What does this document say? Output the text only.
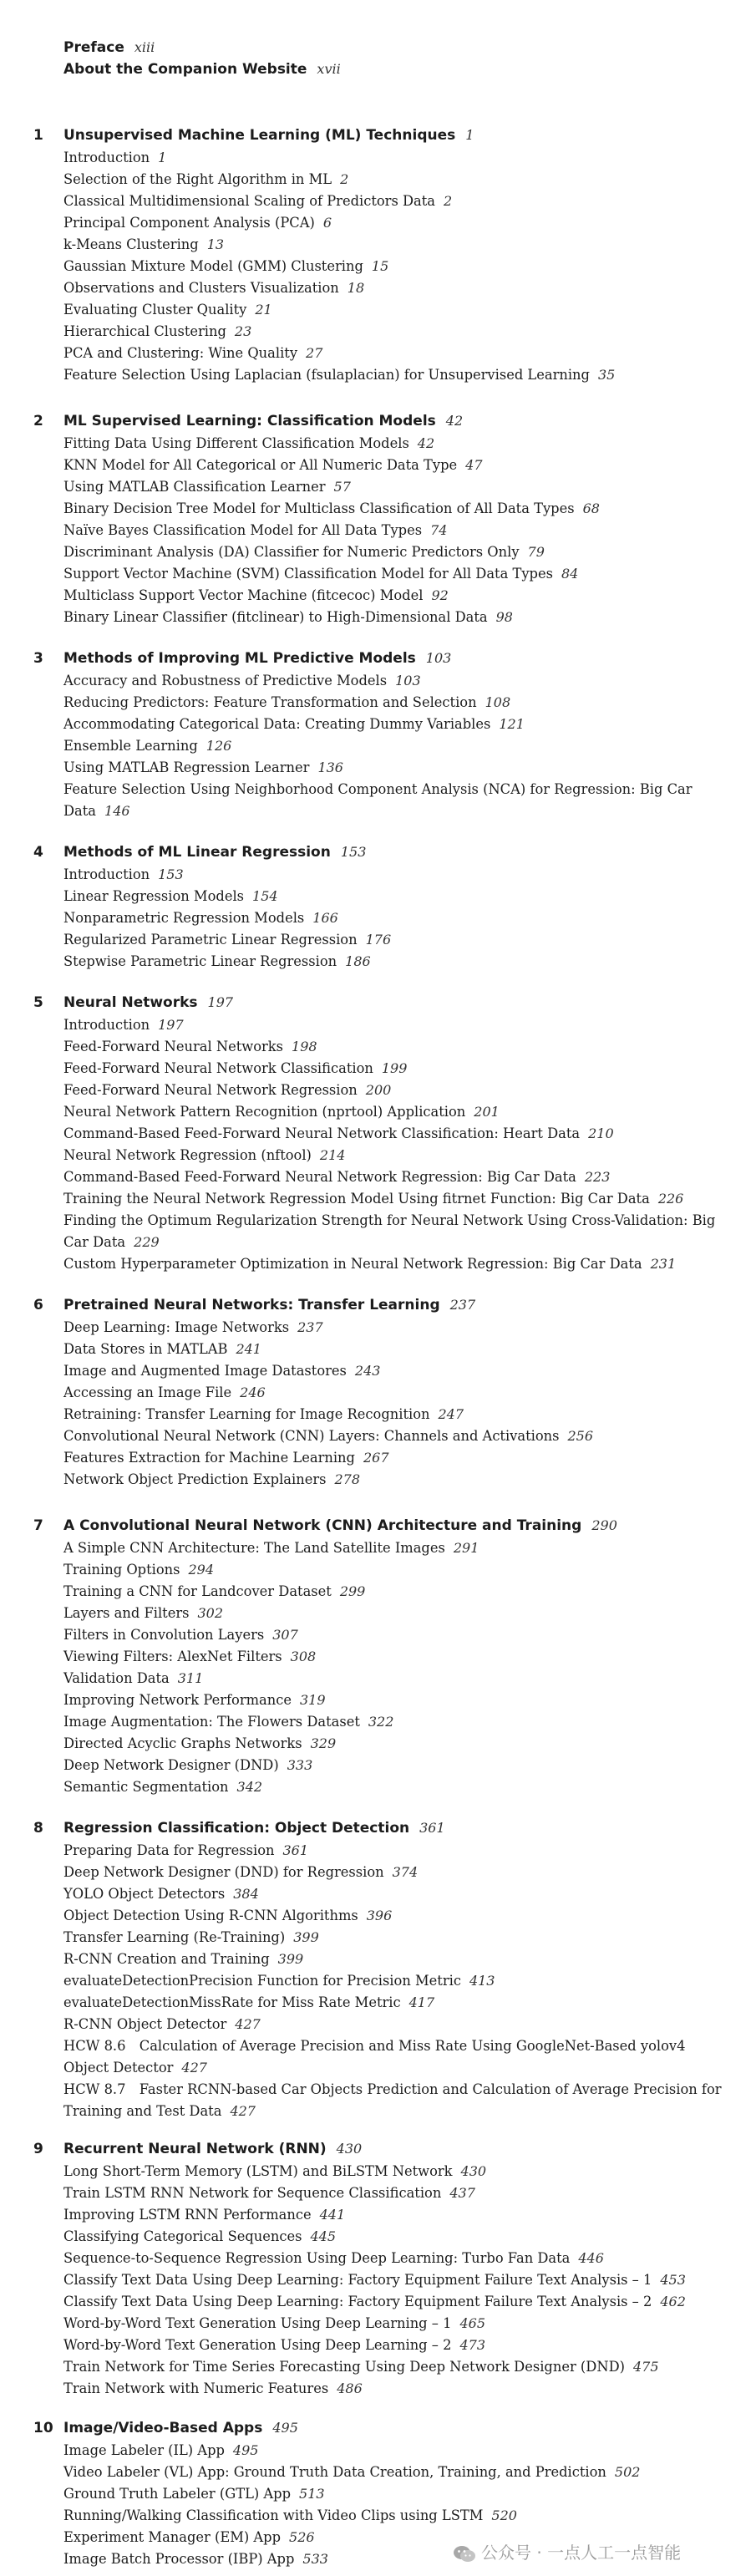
Preface xiii
About the Companion Website xvii
1 Unsupervised Machine Learning (ML) Techniques 1
Introduction 1
Selection of the Right Algorithm in ML 2
Classical Multidimensional Scaling of Predictors Data 2
Principal Component Analysis (PCA) 6
k-Means Clustering 13
Gaussian Mixture Model (GMM) Clustering 15
Observations and Clusters Visualization 18
Evaluating Cluster Quality 21
Hierarchical Clustering 23
PCA and Clustering: Wine Quality 27
Feature Selection Using Laplacian (fsulaplacian) for Unsupervised Learning 35
2 ML Supervised Learning: Classification Models 42
Fitting Data Using Different Classification Models 42
KNN Model for All Categorical or All Numeric Data Type 47
Using MATLAB Classification Learner 57
Binary Decision Tree Model for Multiclass Classification of All Data Types 68
Naïve Bayes Classification Model for All Data Types 74
Discriminant Analysis (DA) Classifier for Numeric Predictors Only 79
Support Vector Machine (SVM) Classification Model for All Data Types 84
Multiclass Support Vector Machine (fitcecoc) Model 92
Binary Linear Classifier (fitclinear) to High-Dimensional Data 98
3 Methods of Improving ML Predictive Models 103
Accuracy and Robustness of Predictive Models 103
Reducing Predictors: Feature Transformation and Selection 108
Accommodating Categorical Data: Creating Dummy Variables 121
Ensemble Learning 126
Using MATLAB Regression Learner 136
Feature Selection Using Neighborhood Component Analysis (NCA) for Regression: Big Car Data 146
4 Methods of ML Linear Regression 153
Introduction 153
Linear Regression Models 154
Nonparametric Regression Models 166
Regularized Parametric Linear Regression 176
Stepwise Parametric Linear Regression 186
5 Neural Networks 197
Introduction 197
Feed-Forward Neural Networks 198
Feed-Forward Neural Network Classification 199
Feed-Forward Neural Network Regression 200
Neural Network Pattern Recognition (nprtool) Application 201
Command-Based Feed-Forward Neural Network Classification: Heart Data 210
Neural Network Regression (nftool) 214
Command-Based Feed-Forward Neural Network Regression: Big Car Data 223
Training the Neural Network Regression Model Using fitrnet Function: Big Car Data 226
Finding the Optimum Regularization Strength for Neural Network Using Cross-Validation: Big Car Data 229
Custom Hyperparameter Optimization in Neural Network Regression: Big Car Data 231
6 Pretrained Neural Networks: Transfer Learning 237
Deep Learning: Image Networks 237
Data Stores in MATLAB 241
Image and Augmented Image Datastores 243
Accessing an Image File 246
Retraining: Transfer Learning for Image Recognition 247
Convolutional Neural Network (CNN) Layers: Channels and Activations 256
Features Extraction for Machine Learning 267
Network Object Prediction Explainers 278
7 A Convolutional Neural Network (CNN) Architecture and Training 290
A Simple CNN Architecture: The Land Satellite Images 291
Training Options 294
Training a CNN for Landcover Dataset 299
Layers and Filters 302
Filters in Convolution Layers 307
Viewing Filters: AlexNet Filters 308
Validation Data 311
Improving Network Performance 319
Image Augmentation: The Flowers Dataset 322
Directed Acyclic Graphs Networks 329
Deep Network Designer (DND) 333
Semantic Segmentation 342
8 Regression Classification: Object Detection 361
Preparing Data for Regression 361
Deep Network Designer (DND) for Regression 374
YOLO Object Detectors 384
Object Detection Using R-CNN Algorithms 396
Transfer Learning (Re-Training) 399
R-CNN Creation and Training 399
evaluateDetectionPrecision Function for Precision Metric 413
evaluateDetectionMissRate for Miss Rate Metric 417
R-CNN Object Detector 427
HCW 8.6 Calculation of Average Precision and Miss Rate Using GoogleNet-Based yolov4 Object Detector 427
HCW 8.7 Faster RCNN-based Car Objects Prediction and Calculation of Average Precision for Training and Test Data 427
9 Recurrent Neural Network (RNN) 430
Long Short-Term Memory (LSTM) and BiLSTM Network 430
Train LSTM RNN Network for Sequence Classification 437
Improving LSTM RNN Performance 441
Classifying Categorical Sequences 445
Sequence-to-Sequence Regression Using Deep Learning: Turbo Fan Data 446
Classify Text Data Using Deep Learning: Factory Equipment Failure Text Analysis – 1 453
Classify Text Data Using Deep Learning: Factory Equipment Failure Text Analysis – 2 462
Word-by-Word Text Generation Using Deep Learning – 1 465
Word-by-Word Text Generation Using Deep Learning – 2 473
Train Network for Time Series Forecasting Using Deep Network Designer (DND) 475
Train Network with Numeric Features 486
10 Image/Video-Based Apps 495
Image Labeler (IL) App 495
Video Labeler (VL) App: Ground Truth Data Creation, Training, and Prediction 502
Ground Truth Labeler (GTL) App 513
Running/Walking Classification with Video Clips using LSTM 520
Experiment Manager (EM) App 526
Image Batch Processor (IBP) App 533	公众号 · 一点人工一点智能
